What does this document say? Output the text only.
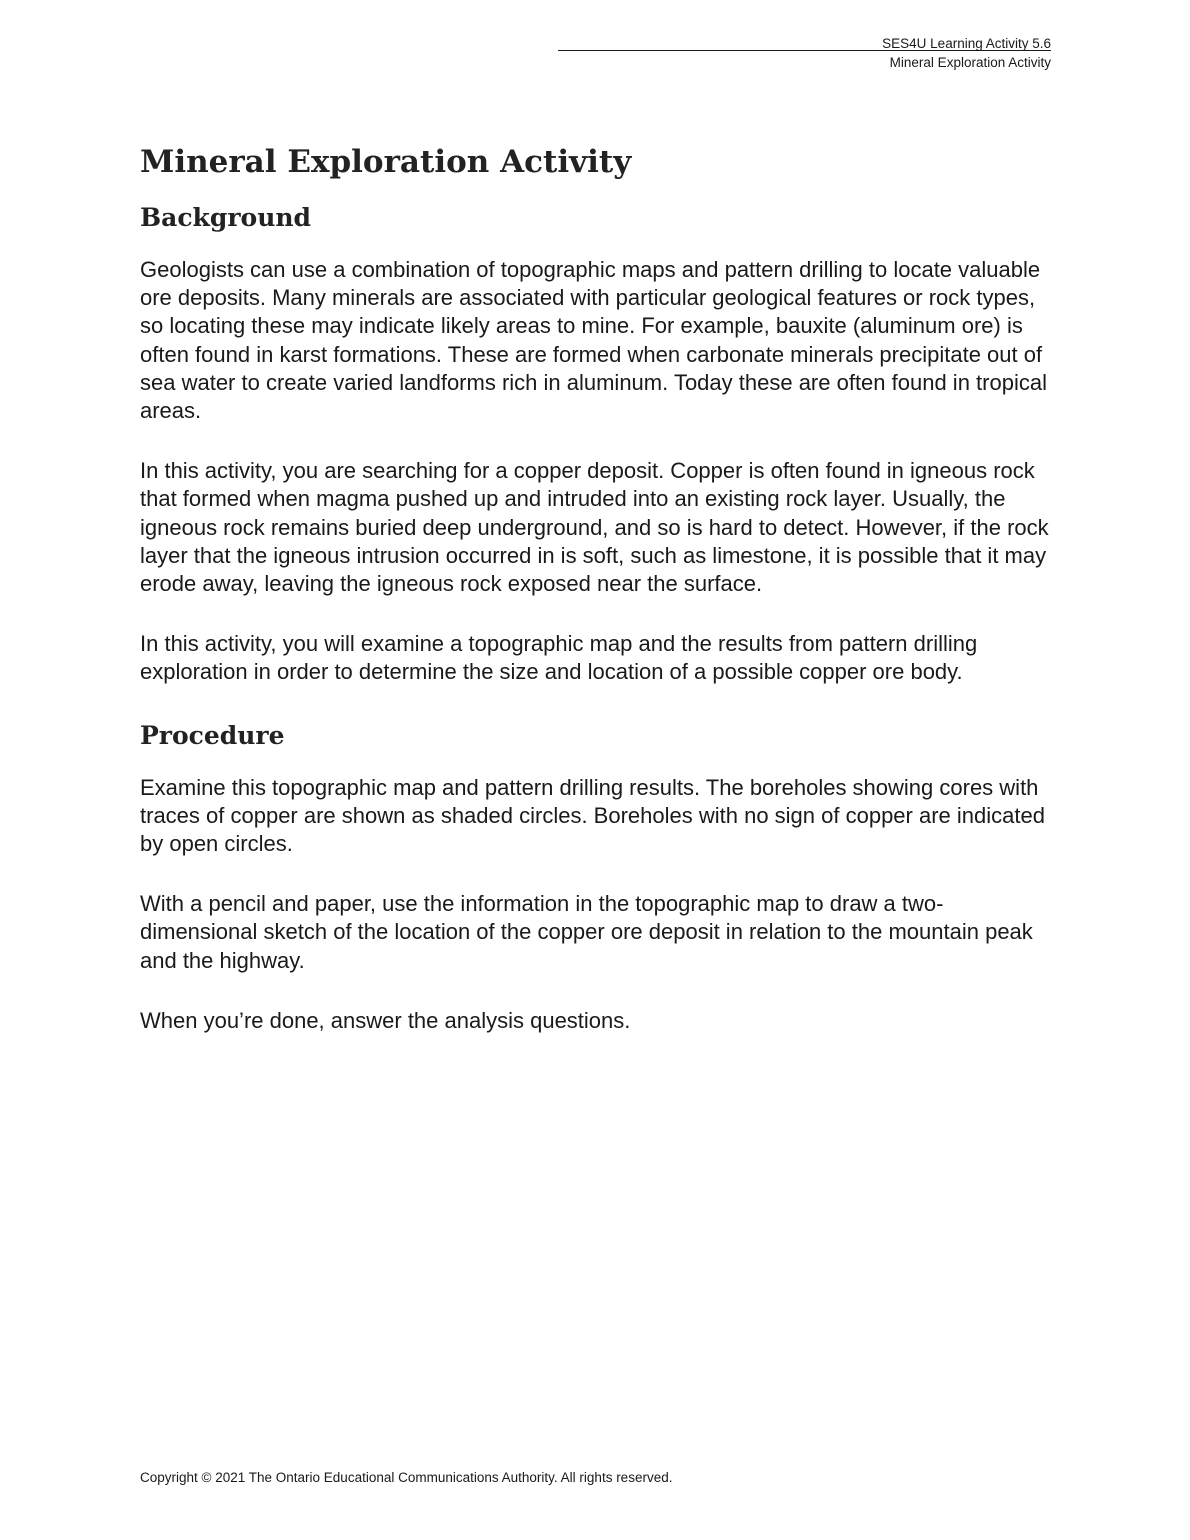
SES4U Learning Activity 5.6
Mineral Exploration Activity
Mineral Exploration Activity
Background

Geologists can use a combination of topographic maps and pattern drilling to locate valuable ore deposits. Many minerals are associated with particular geological features or rock types, so locating these may indicate likely areas to mine. For example, bauxite (aluminum ore) is often found in karst formations. These are formed when carbonate minerals precipitate out of sea water to create varied landforms rich in aluminum. Today these are often found in tropical areas.

In this activity, you are searching for a copper deposit. Copper is often found in igneous rock that formed when magma pushed up and intruded into an existing rock layer. Usually, the igneous rock remains buried deep underground, and so is hard to detect. However, if the rock layer that the igneous intrusion occurred in is soft, such as limestone, it is possible that it may erode away, leaving the igneous rock exposed near the surface.

In this activity, you will examine a topographic map and the results from pattern drilling exploration in order to determine the size and location of a possible copper ore body.

Procedure

Examine this topographic map and pattern drilling results. The boreholes showing cores with traces of copper are shown as shaded circles. Boreholes with no sign of copper are indicated by open circles.

With a pencil and paper, use the information in the topographic map to draw a two-dimensional sketch of the location of the copper ore deposit in relation to the mountain peak and the highway.

When you’re done, answer the analysis questions.

Copyright © 2021 The Ontario Educational Communications Authority. All rights reserved.
